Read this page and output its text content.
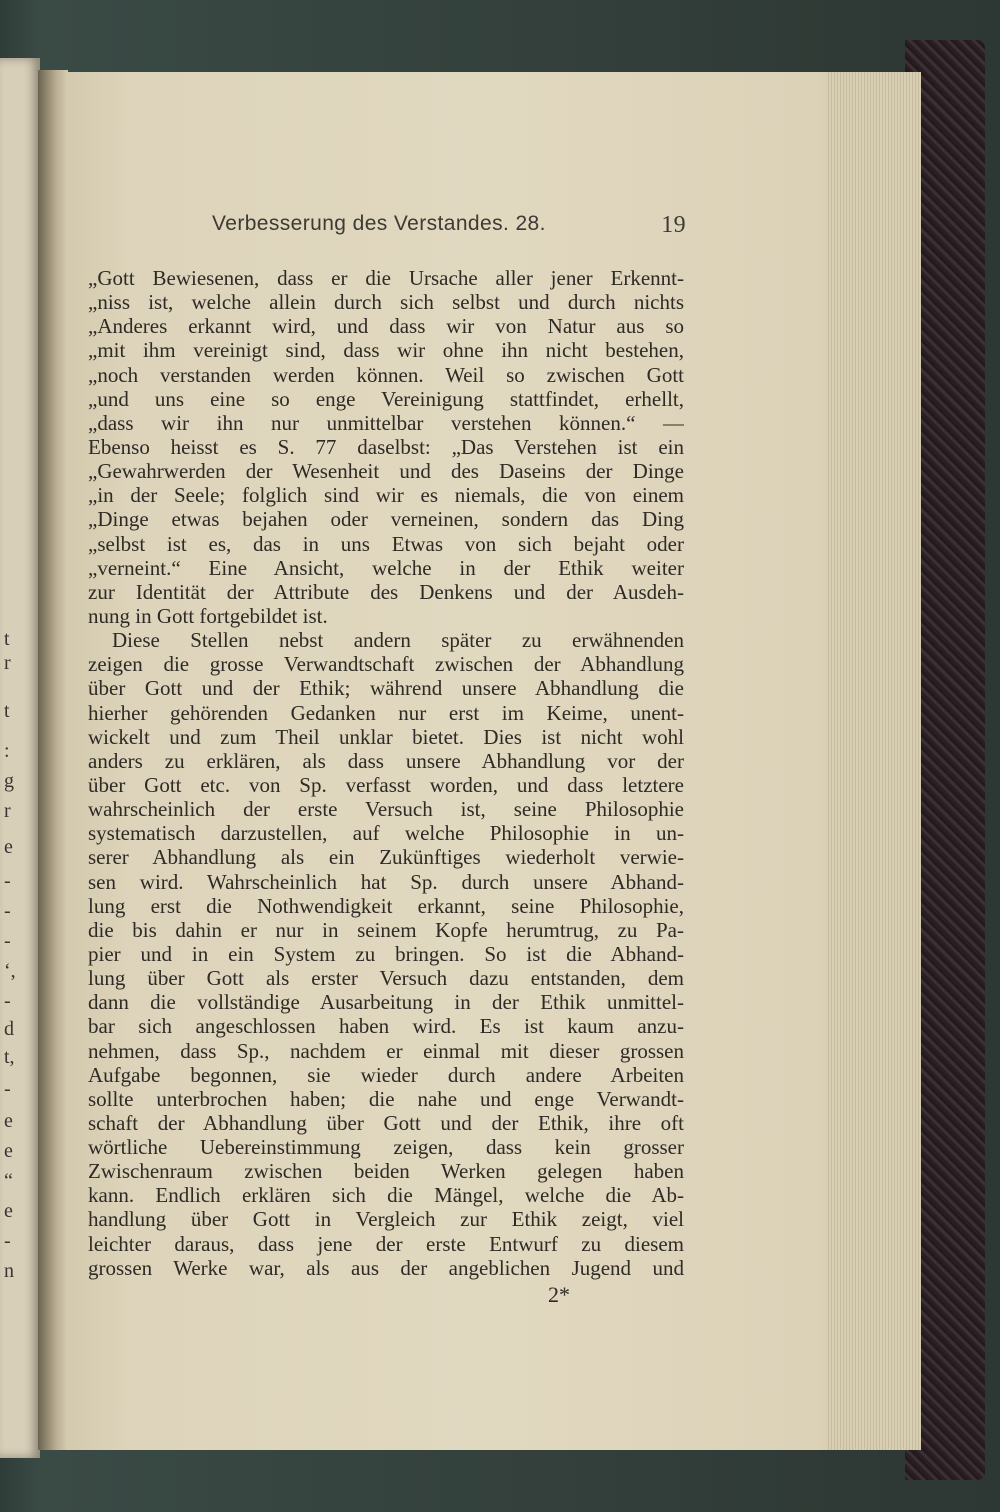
t
r
t
:
g
r
e
-
-
-
‘,
-
d
t,
-
e
e
“
e
-
n
Verbesserung des Verstandes. 28.	19
„Gott Bewiesenen, dass er die Ursache aller jener Erkennt-
„niss ist, welche allein durch sich selbst und durch nichts
„Anderes erkannt wird, und dass wir von Natur aus so
„mit ihm vereinigt sind, dass wir ohne ihn nicht bestehen,
„noch verstanden werden können. Weil so zwischen Gott
„und uns eine so enge Vereinigung stattfindet, erhellt,
„dass wir ihn nur unmittelbar verstehen können.“ —
Ebenso heisst es S. 77 daselbst: „Das Verstehen ist ein
„Gewahrwerden der Wesenheit und des Daseins der Dinge
„in der Seele; folglich sind wir es niemals, die von einem
„Dinge etwas bejahen oder verneinen, sondern das Ding
„selbst ist es, das in uns Etwas von sich bejaht oder
„verneint.“ Eine Ansicht, welche in der Ethik weiter
zur Identität der Attribute des Denkens und der Ausdeh-
nung in Gott fortgebildet ist.
Diese Stellen nebst andern später zu erwähnenden
zeigen die grosse Verwandtschaft zwischen der Abhandlung
über Gott und der Ethik; während unsere Abhandlung die
hierher gehörenden Gedanken nur erst im Keime, unent-
wickelt und zum Theil unklar bietet. Dies ist nicht wohl
anders zu erklären, als dass unsere Abhandlung vor der
über Gott etc. von Sp. verfasst worden, und dass letztere
wahrscheinlich der erste Versuch ist, seine Philosophie
systematisch darzustellen, auf welche Philosophie in un-
serer Abhandlung als ein Zukünftiges wiederholt verwie-
sen wird. Wahrscheinlich hat Sp. durch unsere Abhand-
lung erst die Nothwendigkeit erkannt, seine Philosophie,
die bis dahin er nur in seinem Kopfe herumtrug, zu Pa-
pier und in ein System zu bringen. So ist die Abhand-
lung über Gott als erster Versuch dazu entstanden, dem
dann die vollständige Ausarbeitung in der Ethik unmittel-
bar sich angeschlossen haben wird. Es ist kaum anzu-
nehmen, dass Sp., nachdem er einmal mit dieser grossen
Aufgabe begonnen, sie wieder durch andere Arbeiten
sollte unterbrochen haben; die nahe und enge Verwandt-
schaft der Abhandlung über Gott und der Ethik, ihre oft
wörtliche Uebereinstimmung zeigen, dass kein grosser
Zwischenraum zwischen beiden Werken gelegen haben
kann. Endlich erklären sich die Mängel, welche die Ab-
handlung über Gott in Vergleich zur Ethik zeigt, viel
leichter daraus, dass jene der erste Entwurf zu diesem
grossen Werke war, als aus der angeblichen Jugend und
2*
